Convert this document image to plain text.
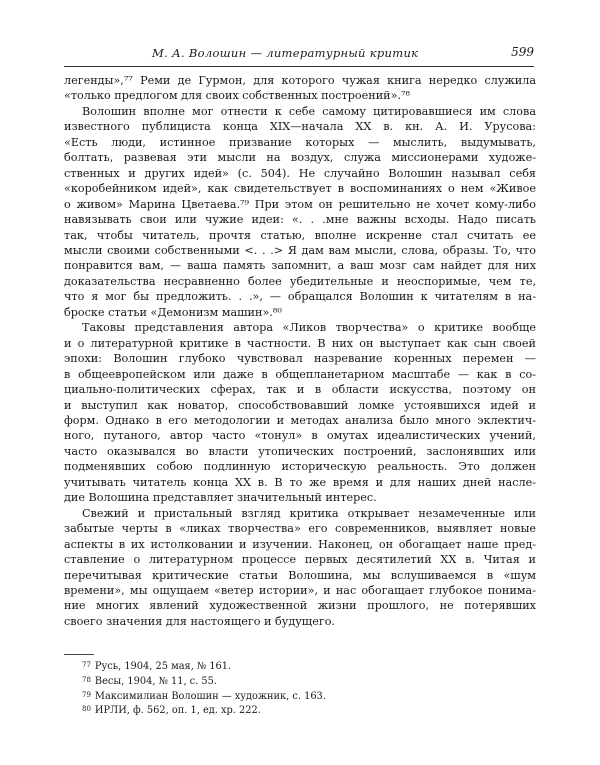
М. А. Волошин — литературный критик	599

легенды»,⁷⁷ Реми де Гурмон, для которого чужая книга нередко служила
«только предлогом для своих собственных построений».⁷⁸

Волошин вполне мог отнести к себе самому цитировавшиеся им слова
известного публициста конца XIX—начала XX в. кн. А. И. Урусова:
«Есть люди, истинное призвание которых — мыслить, выдумывать,
болтать, развевая эти мысли на воздух, служа миссионерами художе-
ственных и других идей» (с. 504). Не случайно Волошин называл себя
«коробейником идей», как свидетельствует в воспоминаниях о нем «Живое
о живом» Марина Цветаева.⁷⁹ При этом он решительно не хочет кому-либо
навязывать свои или чужие идеи: «. . .мне важны всходы. Надо писать
так, чтобы читатель, прочтя статью, вполне искренне стал считать ее
мысли своими собственными <. . .> Я дам вам мысли, слова, образы. То, что
понравится вам, — ваша память запомнит, а ваш мозг сам найдет для них
доказательства несравненно более убедительные и неоспоримые, чем те,
что я мог бы предложить. . .», — обращался Волошин к читателям в на-
броске статьи «Демонизм машин».⁸⁰

Таковы представления автора «Ликов творчества» о критике вообще
и о литературной критике в частности. В них он выступает как сын своей
эпохи: Волошин глубоко чувствовал назревание коренных перемен —
в общеевропейском или даже в общепланетарном масштабе — как в со-
циально-политических сферах, так и в области искусства, поэтому он
и выступил как новатор, способствовавший ломке устоявшихся идей и
форм. Однако в его методологии и методах анализа было много эклектич-
ного, путаного, автор часто «тонул» в омутах идеалистических учений,
часто оказывался во власти утопических построений, заслонявших или
подменявших собою подлинную историческую реальность. Это должен
учитывать читатель конца XX в. В то же время и для наших дней насле-
дие Волошина представляет значительный интерес.

Свежий и пристальный взгляд критика открывает незамеченные или
забытые черты в «ликах творчества» его современников, выявляет новые
аспекты в их истолковании и изучении. Наконец, он обогащает наше пред-
ставление о литературном процессе первых десятилетий XX в. Читая и
перечитывая критические статьи Волошина, мы вслушиваемся в «шум
времени», мы ощущаем «ветер истории», и нас обогащает глубокое понима-
ние многих явлений художественной жизни прошлого, не потерявших
своего значения для настоящего и будущего.

$^{77}$ Русь, 1904, 25 мая, № 161.
$^{78}$ Весы, 1904, № 11, с. 55.
$^{79}$ Максимилиан Волошин — художник, с. 163.
$^{80}$ ИРЛИ, ф. 562, оп. 1, ед. хр. 222.
